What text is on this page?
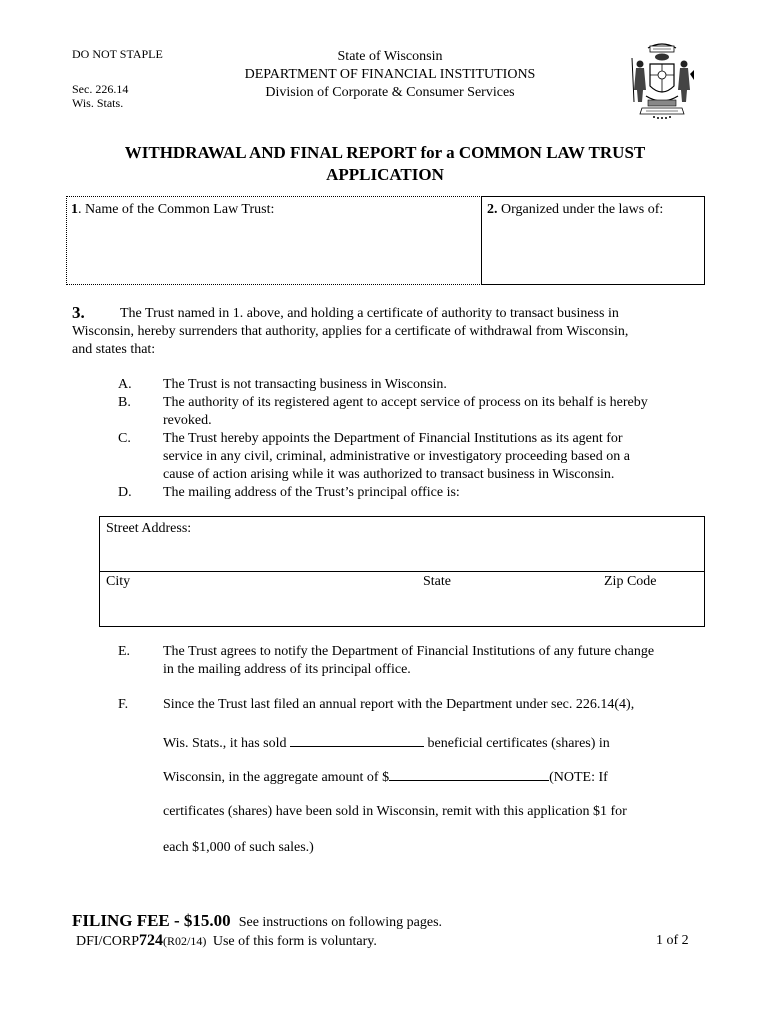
DO NOT STAPLE
Sec. 226.14
Wis. Stats.
State of Wisconsin
DEPARTMENT OF FINANCIAL INSTITUTIONS
Division of Corporate & Consumer Services
WITHDRAWAL AND FINAL REPORT for a COMMON LAW TRUST
APPLICATION
1. Name of the Common Law Trust:	2. Organized under the laws of:
3.	The Trust named in 1. above, and holding a certificate of authority to transact business in
Wisconsin, hereby surrenders that authority, applies for a certificate of withdrawal from Wisconsin,
and states that:
A. The Trust is not transacting business in Wisconsin.
B. The authority of its registered agent to accept service of process on its behalf is hereby
revoked.
C. The Trust hereby appoints the Department of Financial Institutions as its agent for
service in any civil, criminal, administrative or investigatory proceeding based on a
cause of action arising while it was authorized to transact business in Wisconsin.
D. The mailing address of the Trust’s principal office is:
Street Address:
City	State	Zip Code
E. The Trust agrees to notify the Department of Financial Institutions of any future change
in the mailing address of its principal office.
F. Since the Trust last filed an annual report with the Department under sec. 226.14(4),
Wis. Stats., it has sold	beneficial certificates (shares) in
Wisconsin, in the aggregate amount of $	(NOTE: If
certificates (shares) have been sold in Wisconsin, remit with this application $1 for
each $1,000 of such sales.)
FILING FEE - $15.00 See instructions on following pages.
DFI/CORP724(R02/14) Use of this form is voluntary.	1 of 2
